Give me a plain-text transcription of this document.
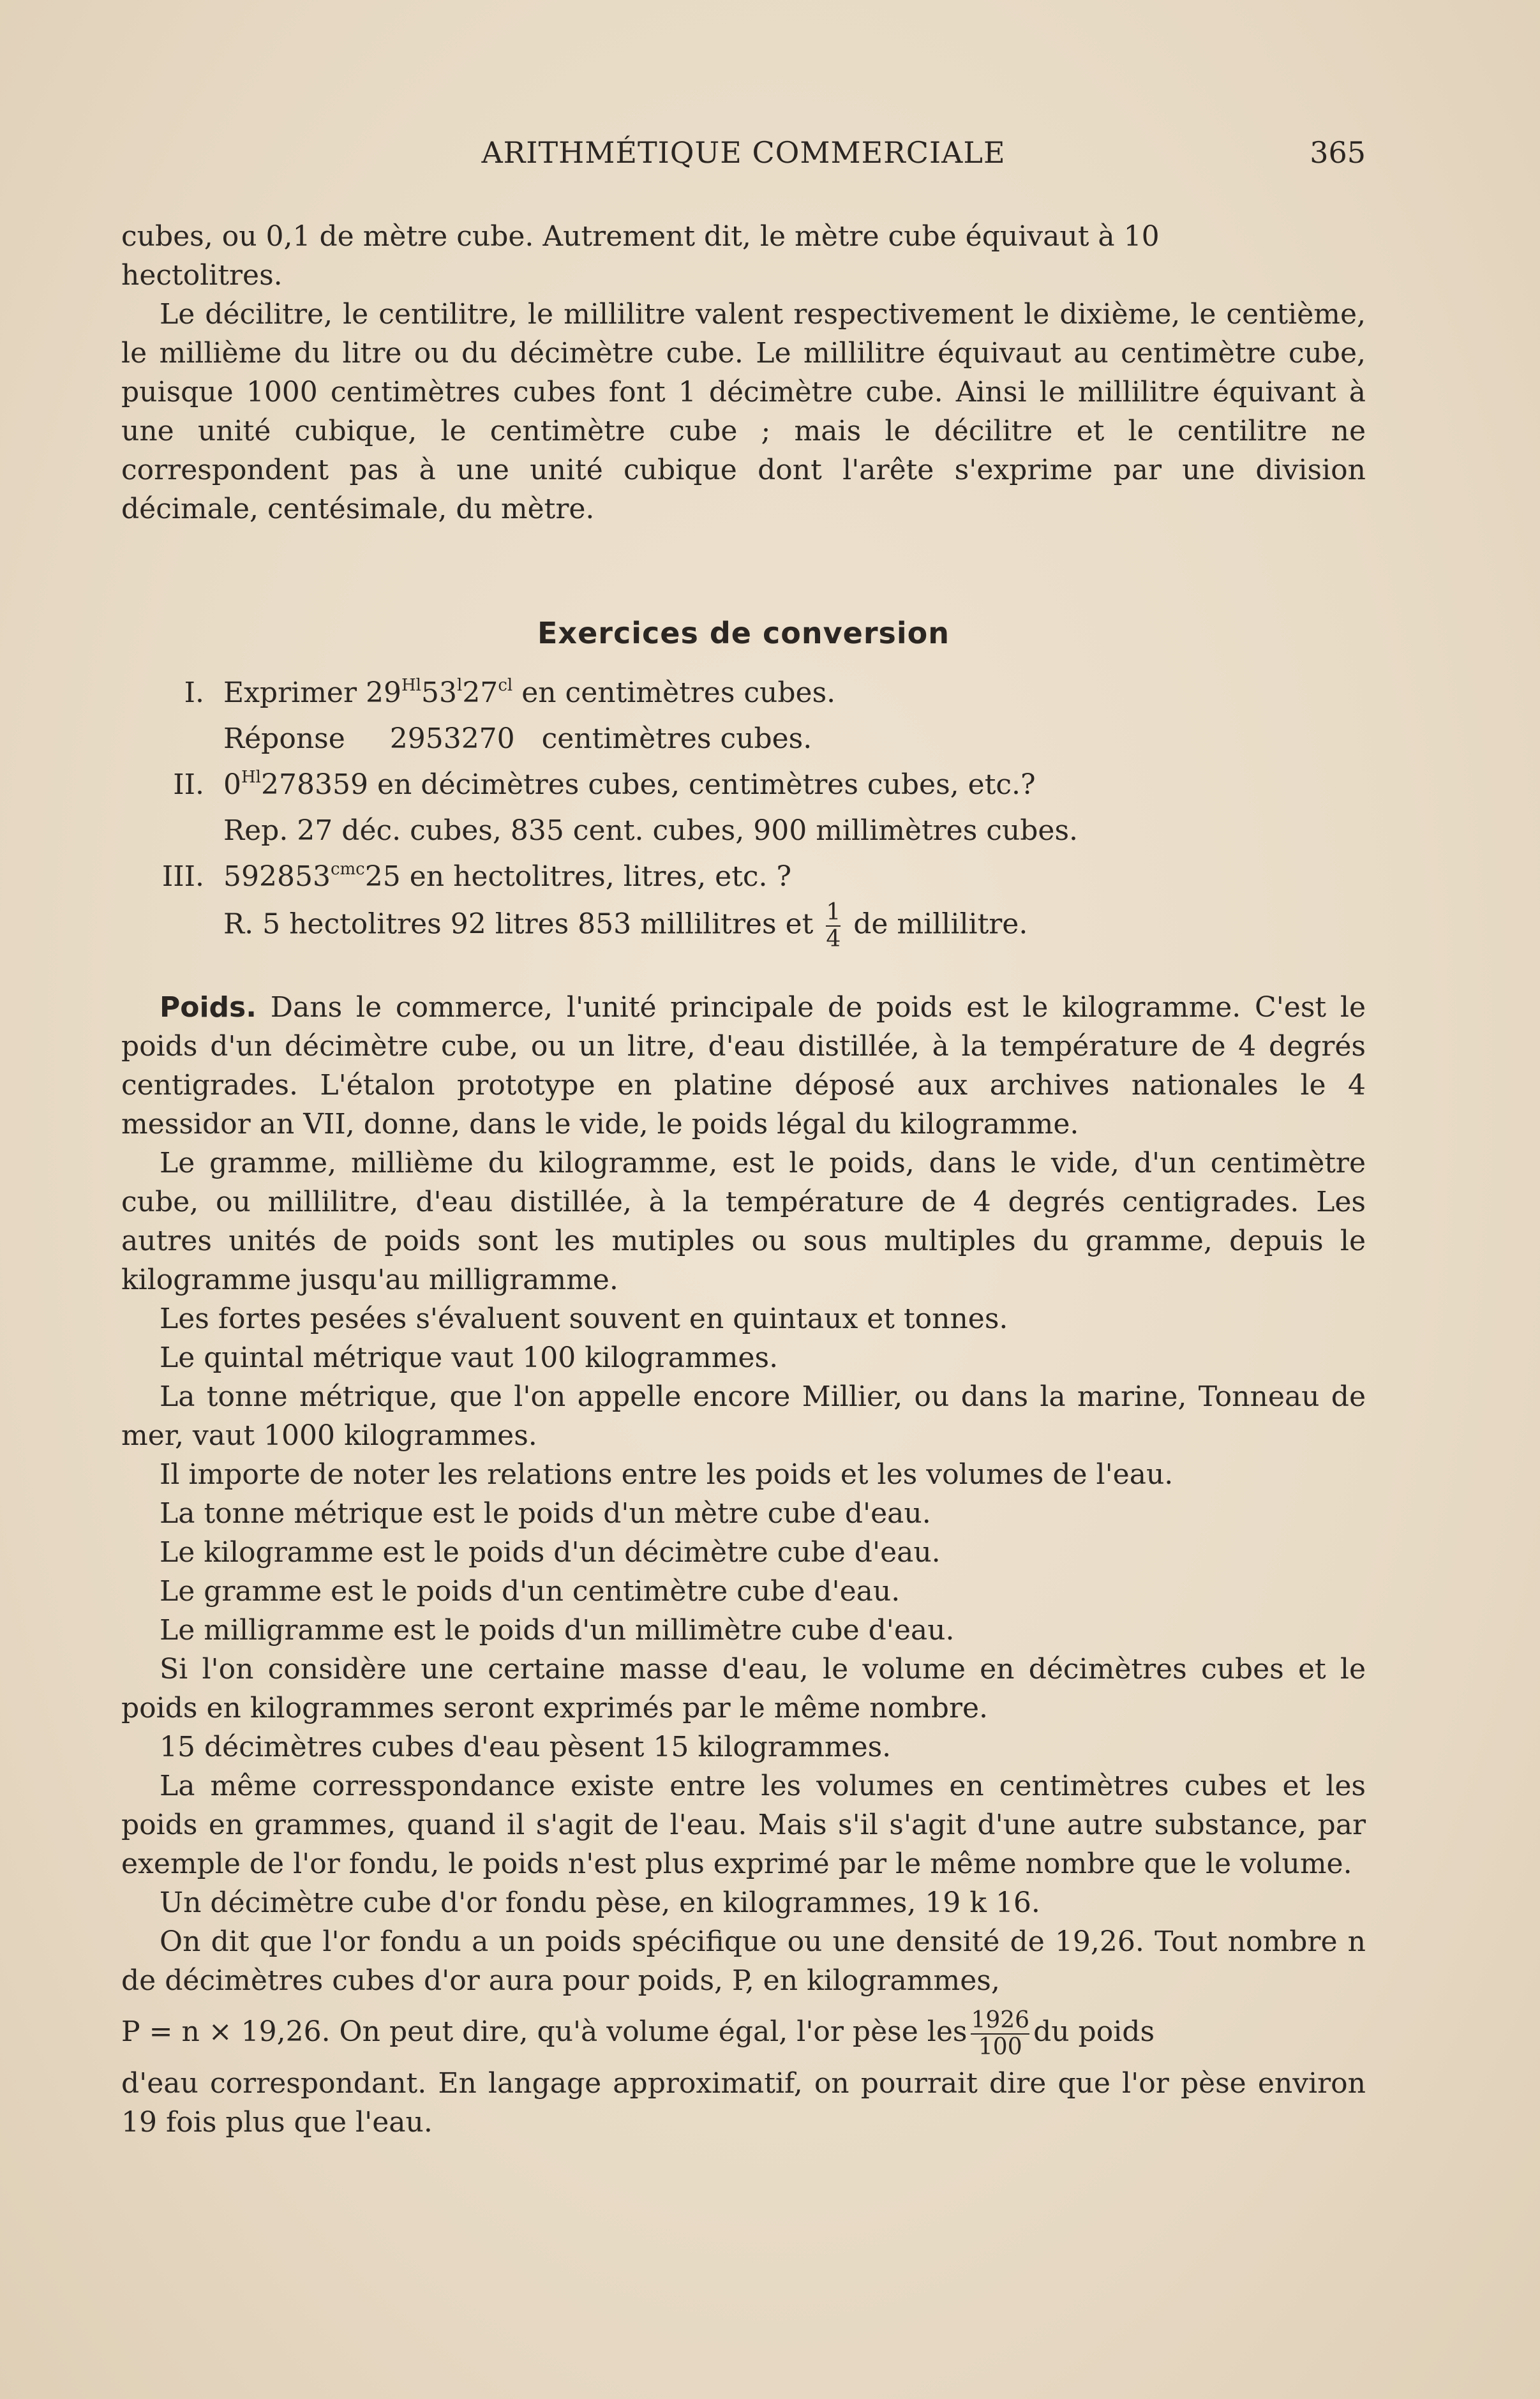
ARITHMÉTIQUE COMMERCIALE	365

cubes, ou 0,1 de mètre cube. Autrement dit, le mètre cube équivaut à 10

hectolitres.

Le décilitre, le centilitre, le millilitre valent respectivement le dixième, le centième, le millième du litre ou du décimètre cube. Le millilitre équivaut au centimètre cube, puisque 1000 centimètres cubes font 1 décimètre cube. Ainsi le millilitre équivant à une unité cubique, le centimètre cube ; mais le décilitre et le centilitre ne correspondent pas à une unité cubique dont l'arête s'exprime par une division décimale, centésimale, du mètre.

Exercices de conversion
I. Exprimer $29^{Hl}53^l27^{cl}$ en centimètres cubes.
Réponse     2953270   centimètres cubes.
II. $0^{Hl}278359$ en décimètres cubes, centimètres cubes, etc.?
Rep. 27 déc. cubes, 835 cent. cubes, 900 millimètres cubes.
III. $592853^{cmc}25$ en hectolitres, litres, etc. ?
R. 5 hectolitres 92 litres 853 millilitres et $\frac{1}{4}$ de millilitre.

Poids. Dans le commerce, l'unité principale de poids est le kilogramme. C'est le poids d'un décimètre cube, ou un litre, d'eau distillée, à la température de 4 degrés centigrades. L'étalon prototype en platine déposé aux archives nationales le 4 messidor an VII, donne, dans le vide, le poids légal du kilogramme.

Le gramme, millième du kilogramme, est le poids, dans le vide, d'un centimètre cube, ou millilitre, d'eau distillée, à la température de 4 degrés centigrades. Les autres unités de poids sont les mutiples ou sous multiples du gramme, depuis le kilogramme jusqu'au milligramme.

Les fortes pesées s'évaluent souvent en quintaux et tonnes.

Le quintal métrique vaut 100 kilogrammes.

La tonne métrique, que l'on appelle encore Millier, ou dans la marine, Tonneau de mer, vaut 1000 kilogrammes.

Il importe de noter les relations entre les poids et les volumes de l'eau.

La tonne métrique est le poids d'un mètre cube d'eau.

Le kilogramme est le poids d'un décimètre cube d'eau.

Le gramme est le poids d'un centimètre cube d'eau.

Le milligramme est le poids d'un millimètre cube d'eau.

Si l'on considère une certaine masse d'eau, le volume en décimètres cubes et le poids en kilogrammes seront exprimés par le même nombre.

15 décimètres cubes d'eau pèsent 15 kilogrammes.

La même corresspondance existe entre les volumes en centimètres cubes et les poids en grammes, quand il s'agit de l'eau. Mais s'il s'agit d'une autre substance, par exemple de l'or fondu, le poids n'est plus exprimé par le même nombre que le volume.

Un décimètre cube d'or fondu pèse, en kilogrammes, 19 k 16.

On dit que l'or fondu a un poids spécifique ou une densité de 19,26. Tout nombre n de décimètres cubes d'or aura pour poids, P, en kilogrammes,

P = n × 19,26. On peut dire, qu'à volume égal, l'or pèse les $\frac{1926}{100}$ du poids

d'eau correspondant. En langage approximatif, on pourrait dire que l'or pèse environ 19 fois plus que l'eau.
